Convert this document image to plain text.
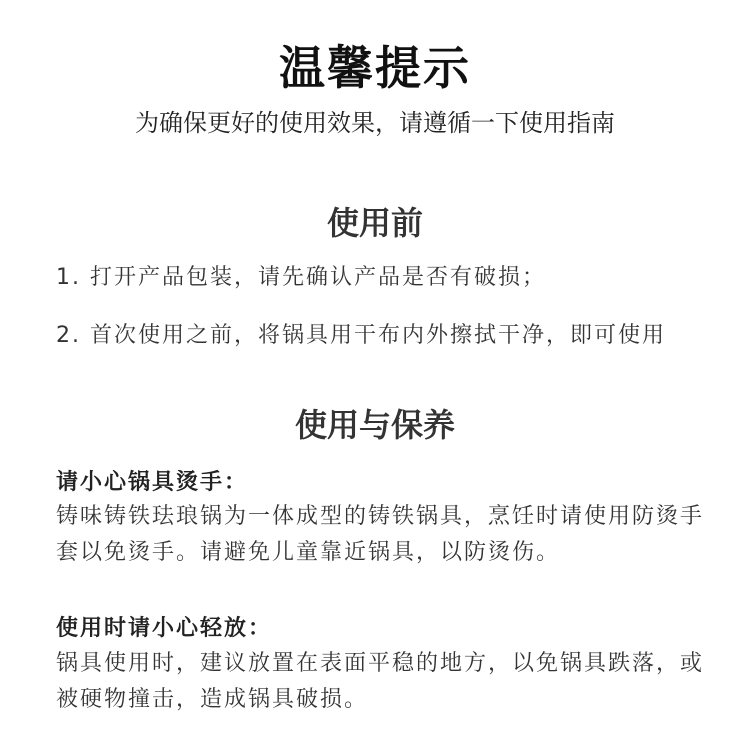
温馨提示
为确保更好的使用效果，请遵循一下使用指南
使用前
1. 打开产品包装，请先确认产品是否有破损；
2. 首次使用之前，将锅具用干布内外擦拭干净，即可使用
使用与保养
请小心锅具烫手：
铸味铸铁珐琅锅为一体成型的铸铁锅具，烹饪时请使用防烫手套以免烫手。请避免儿童靠近锅具，以防烫伤。
使用时请小心轻放：
锅具使用时，建议放置在表面平稳的地方，以免锅具跌落，或被硬物撞击，造成锅具破损。
